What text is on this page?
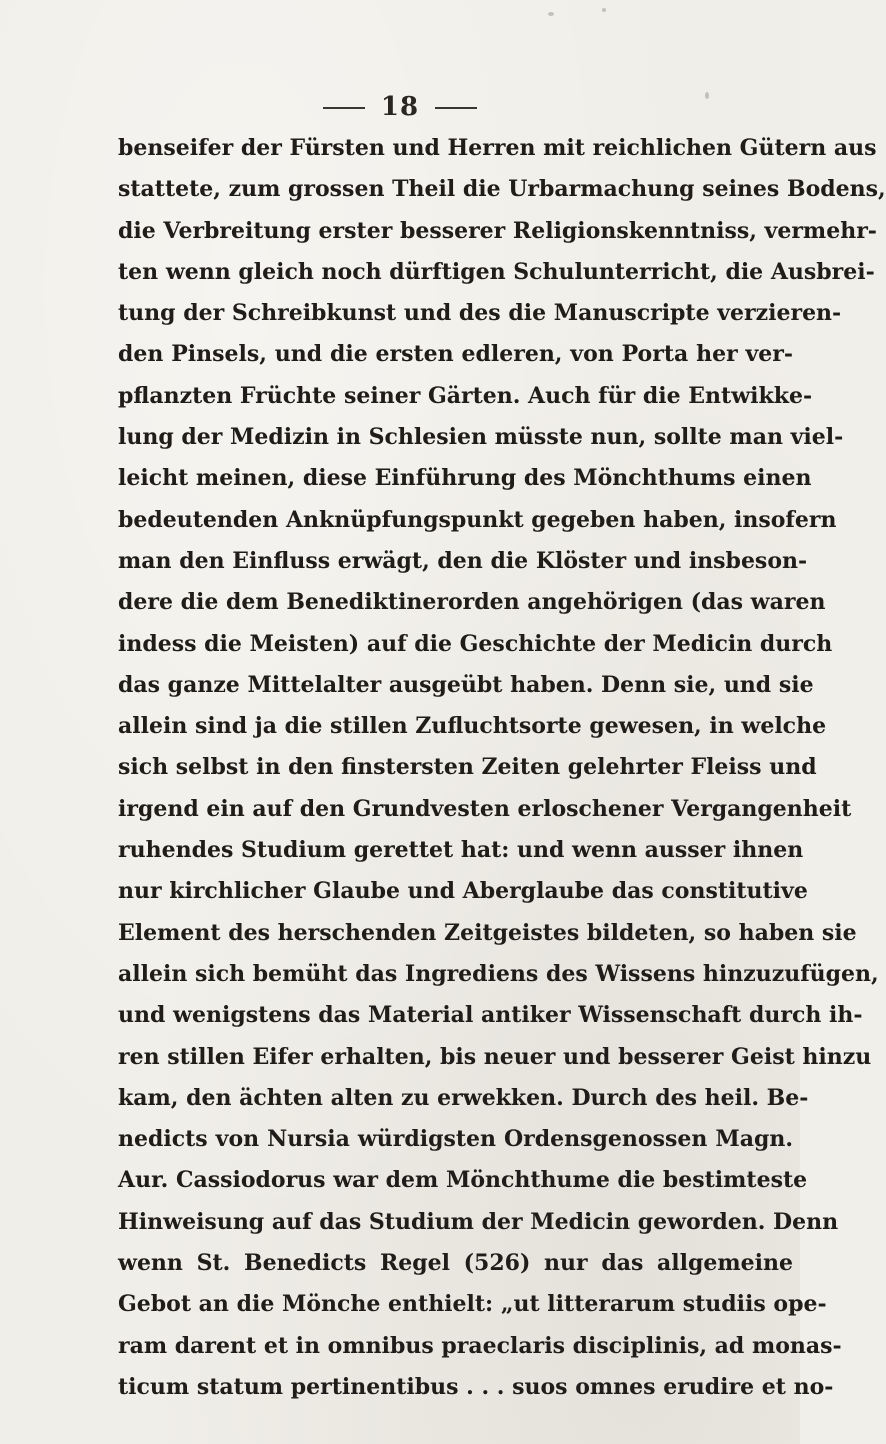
18
benseifer der Fürsten und Herren mit reichlichen Gütern aus
stattete, zum grossen Theil die Urbarmachung seines Bodens,
die Verbreitung erster besserer Religionskenntniss, vermehr-
ten wenn gleich noch dürftigen Schulunterricht, die Ausbrei-
tung der Schreibkunst und des die Manuscripte verzieren-
den Pinsels, und die ersten edleren, von Porta her ver-
pflanzten Früchte seiner Gärten. Auch für die Entwikke-
lung der Medizin in Schlesien müsste nun, sollte man viel-
leicht meinen, diese Einführung des Mönchthums einen
bedeutenden Anknüpfungspunkt gegeben haben, insofern
man den Einfluss erwägt, den die Klöster und insbeson-
dere die dem Benediktinerorden angehörigen (das waren
indess die Meisten) auf die Geschichte der Medicin durch
das ganze Mittelalter ausgeübt haben. Denn sie, und sie
allein sind ja die stillen Zufluchtsorte gewesen, in welche
sich selbst in den finstersten Zeiten gelehrter Fleiss und
irgend ein auf den Grundvesten erloschener Vergangenheit
ruhendes Studium gerettet hat: und wenn ausser ihnen
nur kirchlicher Glaube und Aberglaube das constitutive
Element des herschenden Zeitgeistes bildeten, so haben sie
allein sich bemüht das Ingrediens des Wissens hinzuzufügen,
und wenigstens das Material antiker Wissenschaft durch ih-
ren stillen Eifer erhalten, bis neuer und besserer Geist hinzu
kam, den ächten alten zu erwekken. Durch des heil. Be-
nedicts von Nursia würdigsten Ordensgenossen Magn.
Aur. Cassiodorus war dem Mönchthume die bestimteste
Hinweisung auf das Studium der Medicin geworden. Denn
wenn St. Benedicts Regel (526) nur das allgemeine
Gebot an die Mönche enthielt: „ut litterarum studiis ope-
ram darent et in omnibus praeclaris disciplinis, ad monas-
ticum statum pertinentibus . . . suos omnes erudire et no-
